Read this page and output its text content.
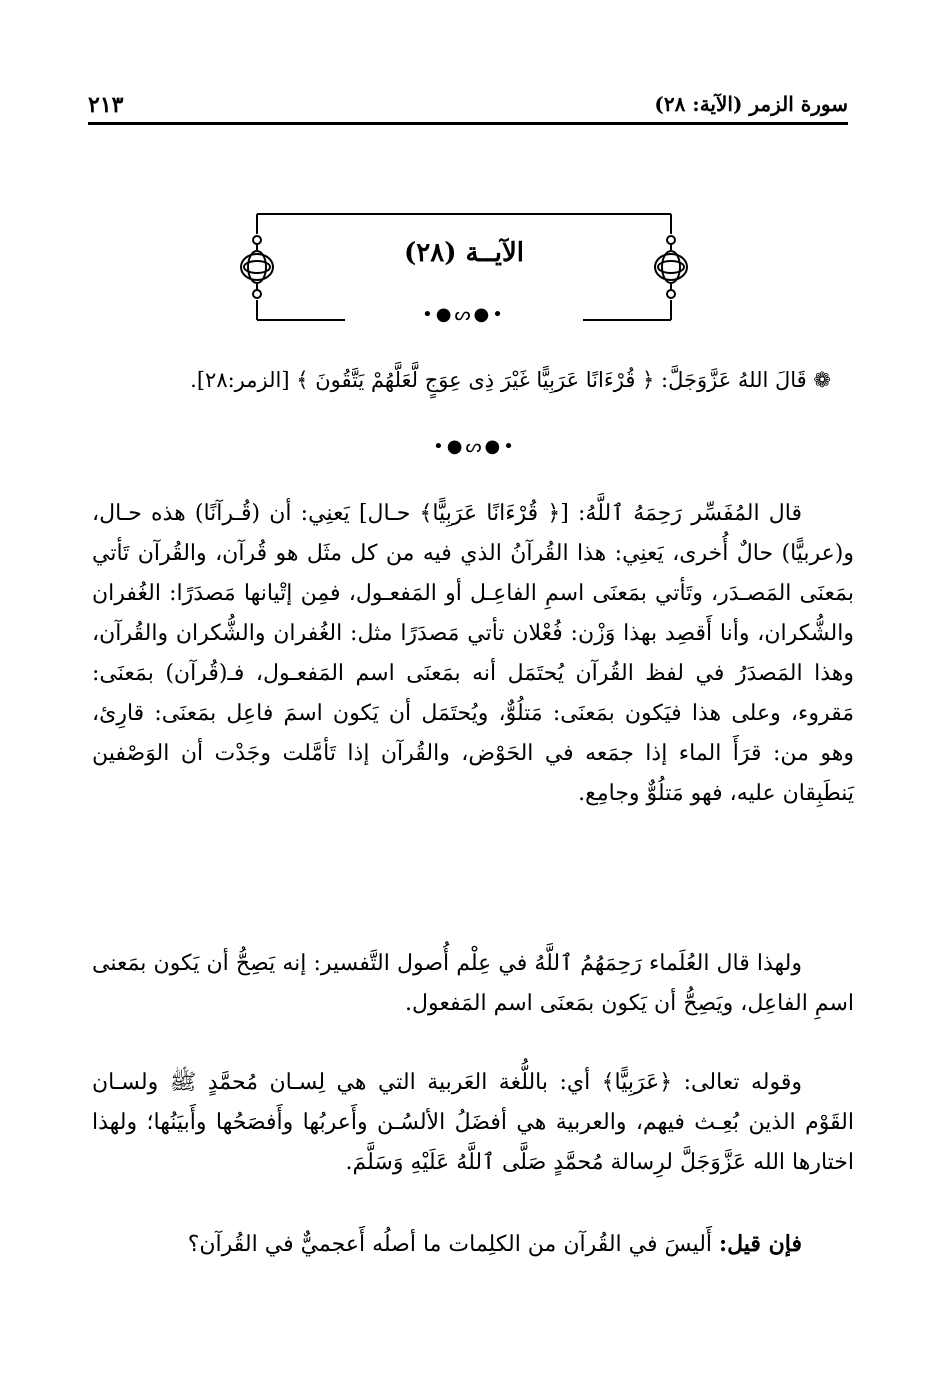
سورة الزمر (الآية: ٢٨)
٢١٣
الآيــة (٢٨)
•●ᔕ●•
❁ قَالَ اللهُ عَزَّوَجَلَّ: ﴿ قُرْءَانًا عَرَبِيًّا غَيْرَ ذِى عِوَجٍ لَّعَلَّهُمْ يَتَّقُونَ ﴾ [الزمر:٢٨].
•●ᔕ●•

قال المُفَسِّر رَحِمَهُ ٱللَّهُ: [﴿ قُرْءَانًا عَرَبِيًّا﴾ حـال] يَعنِي: أن (قُـرآنًا) هذه حـال، و(عربيًّا) حالٌ أُخرى، يَعنِي: هذا القُرآنُ الذي فيه من كل مثَل هو قُرآن، والقُرآن تَأتي بمَعنَى المَصـدَر، وتَأتي بمَعنَى اسمِ الفاعِـل أو المَفعـول، فمِن إتْيانها مَصدَرًا: الغُفران والشُّكران، وأنا أَقصِد بهذا وَزْن: فُعْلان تأتي مَصدَرًا مثل: الغُفران والشُّكران والقُرآن، وهذا المَصدَرُ في لفظ القُرآن يُحتَمَل أنه بمَعنَى اسم المَفعـول، فـ(قُرآن) بمَعنَى: مَقروء، وعلى هذا فيَكون بمَعنَى: مَتلُوٌّ، ويُحتَمَل أن يَكون اسمَ فاعِل بمَعنَى: قارِئ، وهو من: قرَأَ الماء إذا جمَعه في الحَوْض، والقُرآن إذا تَأمَّلت وجَدْت أن الوَصْفين يَنطَبِقان عليه، فهو مَتلُوٌّ وجامِع.

ولهذا قال العُلَماء رَحِمَهُمُ ٱللَّهُ في عِلْم أُصول التَّفسير: إنه يَصِحُّ أن يَكون بمَعنى اسمِ الفاعِل، ويَصِحُّ أن يَكون بمَعنَى اسم المَفعول.

وقوله تعالى: ﴿عَرَبِيًّا﴾ أي: باللُّغة العَربية التي هي لِسـان مُحمَّدٍ ﷺ ولسـان القَوْم الذين بُعِـث فيهم، والعربية هي أفضَلُ الألسُـن وأَعربُها وأَفصَحُها وأَبيَنُها؛ ولهذا اختارها الله عَزَّوَجَلَّ لرِسالة مُحمَّدٍ صَلَّى ٱللَّهُ عَلَيْهِ وَسَلَّمَ.

فإن قيل: أَليسَ في القُرآن من الكلِمات ما أصلُه أَعجميٌّ في القُرآن؟
